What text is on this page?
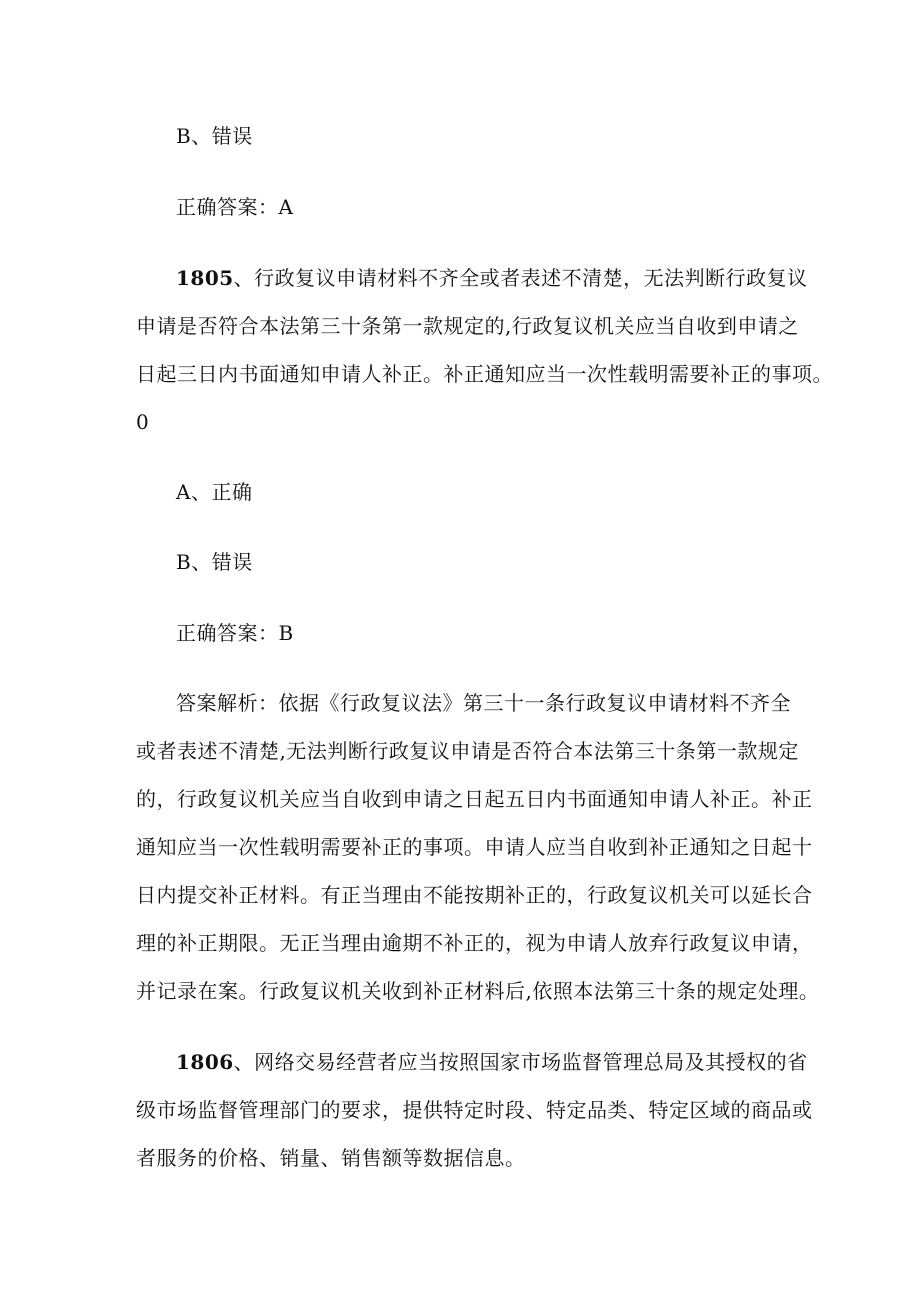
B、错误
正确答案：A
1805、行政复议申请材料不齐全或者表述不清楚，无法判断行政复议
申请是否符合本法第三十条第一款规定的,行政复议机关应当自收到申请之
日起三日内书面通知申请人补正。补正通知应当一次性载明需要补正的事项。
0
A、正确
B、错误
正确答案：B
答案解析：依据《行政复议法》第三十一条行政复议申请材料不齐全
或者表述不清楚,无法判断行政复议申请是否符合本法第三十条第一款规定
的，行政复议机关应当自收到申请之日起五日内书面通知申请人补正。补正
通知应当一次性载明需要补正的事项。申请人应当自收到补正通知之日起十
日内提交补正材料。有正当理由不能按期补正的，行政复议机关可以延长合
理的补正期限。无正当理由逾期不补正的，视为申请人放弃行政复议申请，
并记录在案。行政复议机关收到补正材料后,依照本法第三十条的规定处理。
1806、网络交易经营者应当按照国家市场监督管理总局及其授权的省
级市场监督管理部门的要求，提供特定时段、特定品类、特定区域的商品或
者服务的价格、销量、销售额等数据信息。
